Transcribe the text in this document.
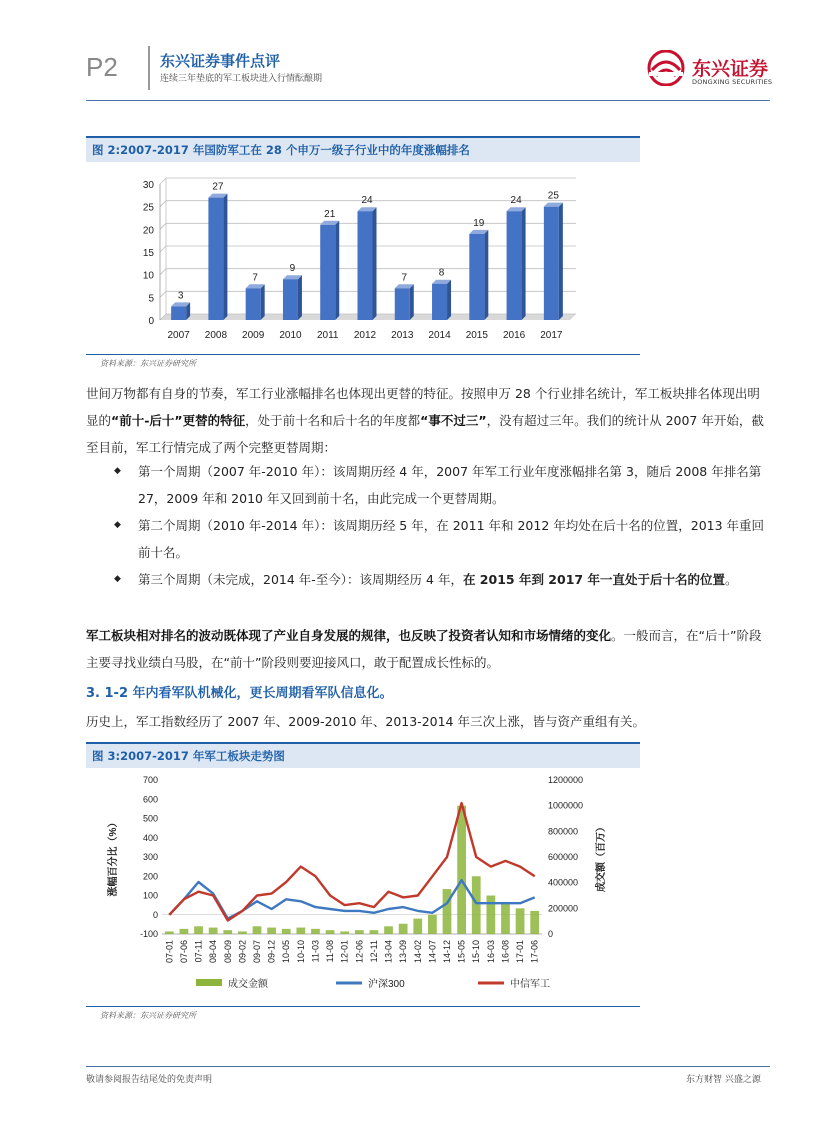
P2	东兴证券事件点评
连续三年垫底的军工板块进入行情酝酿期	东兴证券
DONGXING SECURITIES
图 2:2007-2017 年国防军工在 28 个申万一级子行业中的年度涨幅排名
0
5
10
15
20
25
30
3
2007
27
2008
7
2009
9
2010
21
2011
24
2012
7
2013
8
2014
19
2015
24
2016
25
2017
资料来源：东兴证券研究所
世间万物都有自身的节奏，军工行业涨幅排名也体现出更替的特征。按照申万 28 个行业排名统计，军工板块排名体现出明显的“前十-后十”更替的特征，处于前十名和后十名的年度都“事不过三”，没有超过三年。我们的统计从 2007 年开始，截至目前，军工行情完成了两个完整更替周期：
◆ 第一个周期（2007 年-2010 年）：该周期历经 4 年，2007 年军工行业年度涨幅排名第 3，随后 2008 年排名第 27，2009 年和 2010 年又回到前十名，由此完成一个更替周期。
◆ 第二个周期（2010 年-2014 年）：该周期历经 5 年，在 2011 年和 2012 年均处在后十名的位置，2013 年重回前十名。
◆ 第三个周期（未完成，2014 年-至今）：该周期经历 4 年，在 2015 年到 2017 年一直处于后十名的位置。
军工板块相对排名的波动既体现了产业自身发展的规律，也反映了投资者认知和市场情绪的变化。一般而言，在“后十”阶段主要寻找业绩白马股，在“前十”阶段则要迎接风口，敢于配置成长性标的。
3. 1-2 年内看军队机械化，更长周期看军队信息化。
历史上，军工指数经历了 2007 年、2009-2010 年、2013-2014 年三次上涨，皆与资产重组有关。
图 3:2007-2017 年军工板块走势图
-100
0
100
200
300
400
500
600
700
0
200000
400000
600000
800000
1000000
1200000
涨幅百分比（%）	成交额（百万）
07-01 07-06 07-11 08-04 08-09 09-02 09-07 09-12 10-05 10-10 11-03 11-08 12-01 12-06 12-11 13-04 13-09 14-02 14-07 14-12 15-05 15-10 16-03 16-08 17-01 17-06
成交金额	沪深300	中信军工
资料来源：东兴证券研究所
敬请参阅报告结尾处的免责声明	东方财智 兴盛之源
